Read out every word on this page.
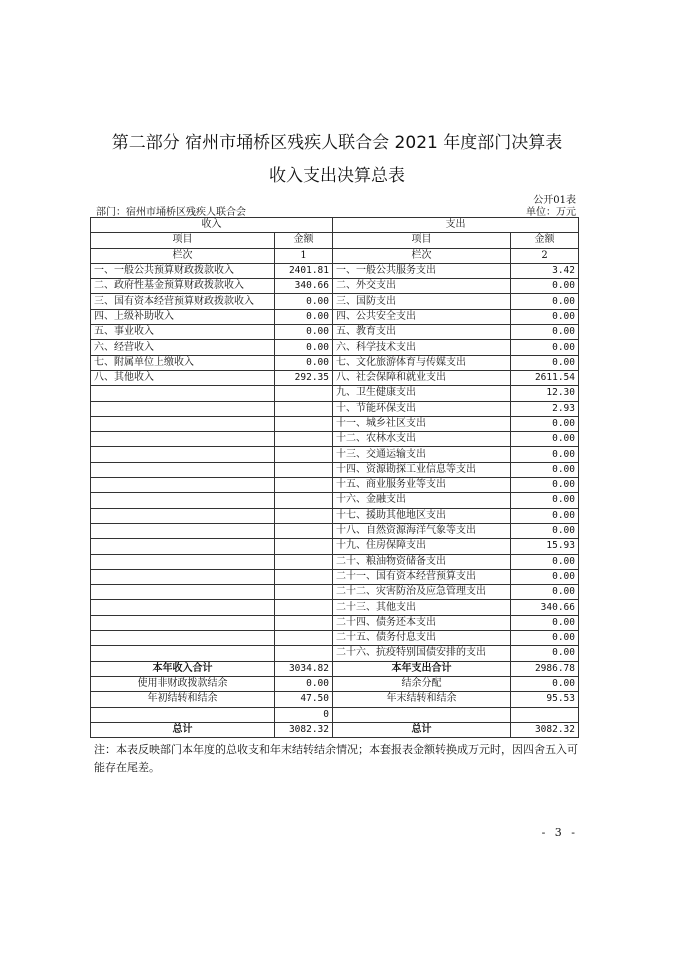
第二部分 宿州市埇桥区残疾人联合会 2021 年度部门决算表
收入支出决算总表
公开01表
部门：宿州市埇桥区残疾人联合会	单位：万元
收入		支出	
项目	金额	项目	金额
栏次	1	栏次	2
一、一般公共预算财政拨款收入	2401.81	一、一般公共服务支出	3.42
二、政府性基金预算财政拨款收入	340.66	二、外交支出	0.00
三、国有资本经营预算财政拨款收入	0.00	三、国防支出	0.00
四、上级补助收入	0.00	四、公共安全支出	0.00
五、事业收入	0.00	五、教育支出	0.00
六、经营收入	0.00	六、科学技术支出	0.00
七、附属单位上缴收入	0.00	七、文化旅游体育与传媒支出	0.00
八、其他收入	292.35	八、社会保障和就业支出	2611.54
		九、卫生健康支出	12.30
		十、节能环保支出	2.93
		十一、城乡社区支出	0.00
		十二、农林水支出	0.00
		十三、交通运输支出	0.00
		十四、资源勘探工业信息等支出	0.00
		十五、商业服务业等支出	0.00
		十六、金融支出	0.00
		十七、援助其他地区支出	0.00
		十八、自然资源海洋气象等支出	0.00
		十九、住房保障支出	15.93
		二十、粮油物资储备支出	0.00
		二十一、国有资本经营预算支出	0.00
		二十二、灾害防治及应急管理支出	0.00
		二十三、其他支出	340.66
		二十四、债务还本支出	0.00
		二十五、债务付息支出	0.00
		二十六、抗疫特别国债安排的支出	0.00
本年收入合计	3034.82	本年支出合计	2986.78
使用非财政拨款结余	0.00	结余分配	0.00
年初结转和结余	47.50	年末结转和结余	95.53
	0		
总计	3082.32	总计	3082.32
注：本表反映部门本年度的总收支和年末结转结余情况；本套报表金额转换成万元时，因四舍五入可能存在尾差。
- 3 -
